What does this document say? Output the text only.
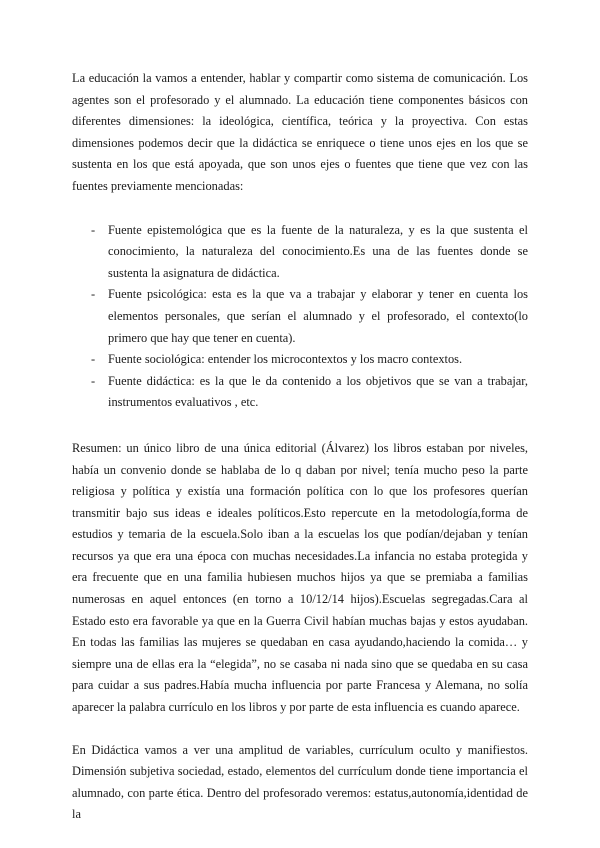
La educación la vamos a entender, hablar y compartir como sistema de comunicación. Los agentes son el profesorado y el alumnado. La educación tiene componentes básicos con diferentes dimensiones: la ideológica, científica, teórica y la proyectiva. Con estas dimensiones podemos decir que la didáctica se enriquece o tiene unos ejes en los que se sustenta en los que está apoyada, que son unos ejes o fuentes que tiene que vez con las fuentes previamente mencionadas:

- Fuente epistemológica que es la fuente de la naturaleza, y es la que sustenta el conocimiento, la naturaleza del conocimiento.Es una de las fuentes donde se sustenta la asignatura de didáctica.
- Fuente psicológica: esta es la que va a trabajar y elaborar y tener en cuenta los elementos personales, que serían el alumnado y el profesorado, el contexto(lo primero que hay que tener en cuenta).
- Fuente sociológica: entender los microcontextos y los macro contextos.
- Fuente didáctica: es la que le da contenido a los objetivos que se van a trabajar, instrumentos evaluativos , etc.

Resumen: un único libro de una única editorial (Álvarez) los libros estaban por niveles, había un convenio donde se hablaba de lo q daban por nivel; tenía mucho peso la parte religiosa y política y existía una formación política con lo que los profesores querían transmitir bajo sus ideas e ideales políticos.Esto repercute en la metodología,forma de estudios y temaria de la escuela.Solo iban a la escuelas los que podían/dejaban y tenían recursos ya que era una época con muchas necesidades.La infancia no estaba protegida y era frecuente que en una familia hubiesen muchos hijos ya que se premiaba a familias numerosas en aquel entonces (en torno a 10/12/14 hijos).Escuelas segregadas.Cara al Estado esto era favorable ya que en la Guerra Civil habían muchas bajas y estos ayudaban. En todas las familias las mujeres se quedaban en casa ayudando,haciendo la comida… y siempre una de ellas era la “elegida”, no se casaba ni nada sino que se quedaba en su casa para cuidar a sus padres.Había mucha influencia por parte Francesa y Alemana, no solía aparecer la palabra currículo en los libros y por parte de esta influencia es cuando aparece.

En Didáctica vamos a ver una amplitud de variables, currículum oculto y manifiestos. Dimensión subjetiva sociedad, estado, elementos del currículum donde tiene importancia el alumnado, con parte ética. Dentro del profesorado veremos: estatus,autonomía,identidad de la
